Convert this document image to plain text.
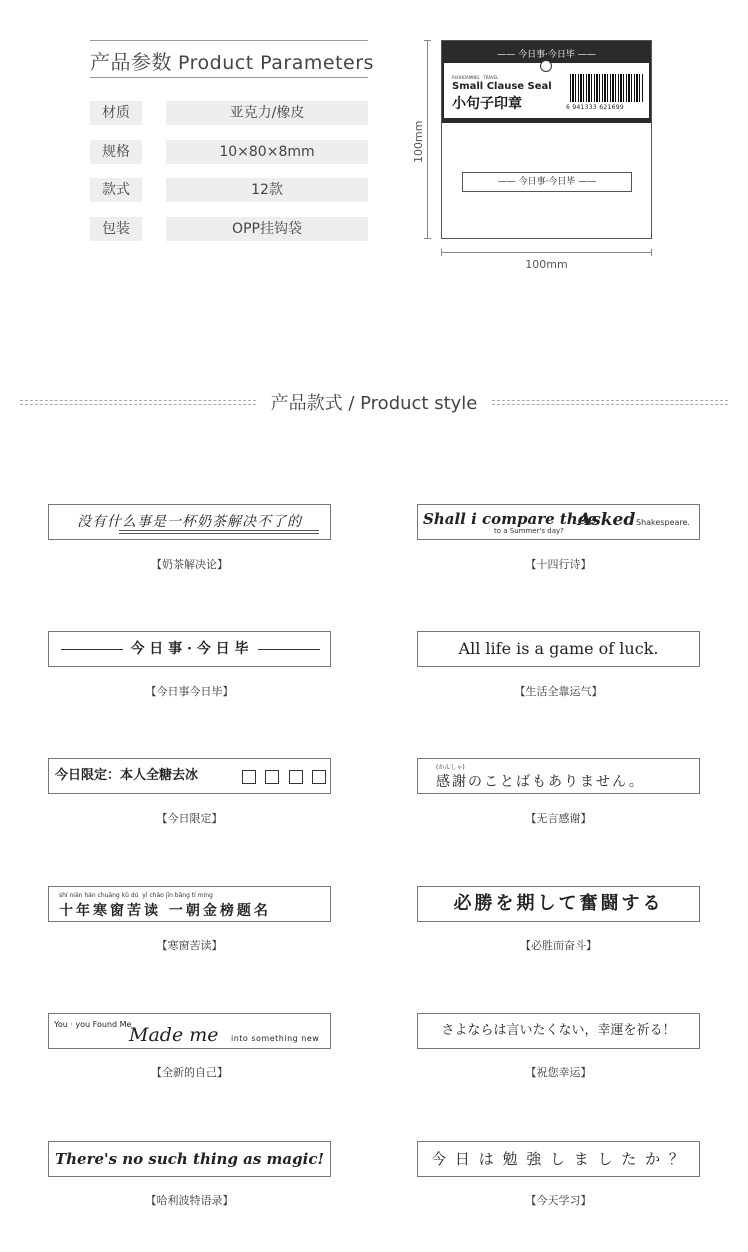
产品参数 Product Parameters
材质	亚克力/橡皮
规格	10×80×8mm
款式	12款
包装	OPP挂钩袋
—— 今日事·今日毕 ——
RIXIHOAMING · TRAVEL
Small Clause Seal
小句子印章	6 941333 621699
—— 今日事·今日毕 ——
100mm
100mm
产品款式 / Product style
没有什么事是一杯奶茶解决不了的
【奶茶解决论】
Shall i compare thee
Asked
to a Summer's day?
Shakespeare.
【十四行诗】
今 日 事 · 今 日 毕
【今日事今日毕】
All life is a game of luck.
【生活全靠运气】
今日限定：本人全糖去冰
【今日限定】
(かんしゃ)
感謝のことばもありません。
【无言感谢】
shí nián hán chuāng kǔ dú  yī cháo jīn bǎng tí míng
十年寒窗苦读 一朝金榜题名
【寒窗苦读】
必勝を期して奮闘する
【必胜而奋斗】
You · you Found Me
Made me into something new
【全新的自己】
さよならは言いたくない，幸運を祈る！
【祝您幸运】
There's no such thing as magic!
【哈利波特语录】
今 日 は 勉 強 し ま し た か ？
【今天学习】
